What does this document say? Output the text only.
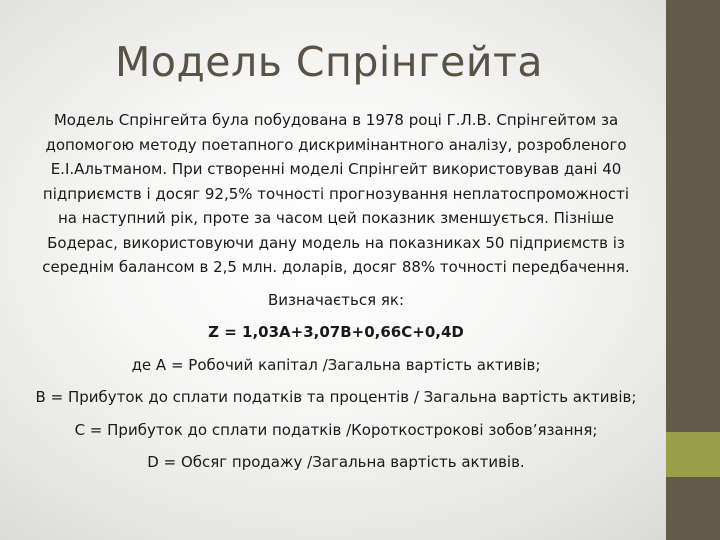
Модель Спрінгейта

Модель Спрінгейта була побудована в 1978 році Г.Л.В. Спрінгейтом за допомогою методу поетапного дискримінантного аналізу, розробленого Е.І.Альтманом. При створенні моделі Спрінгейт використовував дані 40 підприємств і досяг 92,5% точності прогнозування неплатоспроможності на наступний рік, проте за часом цей показник зменшується. Пізніше Бодерас, використовуючи дану модель на показниках 50 підприємств із середнім балансом в 2,5 млн. доларів, досяг 88% точності передбачення.

Визначається як:

Z = 1,03A+3,07B+0,66C+0,4D

де A = Робочий капітал /Загальна вартість активів;

B = Прибуток до сплати податків та процентів / Загальна вартість активів;

C = Прибуток до сплати податків /Короткострокові зобов’язання;

D = Обсяг продажу /Загальна вартість активів.
